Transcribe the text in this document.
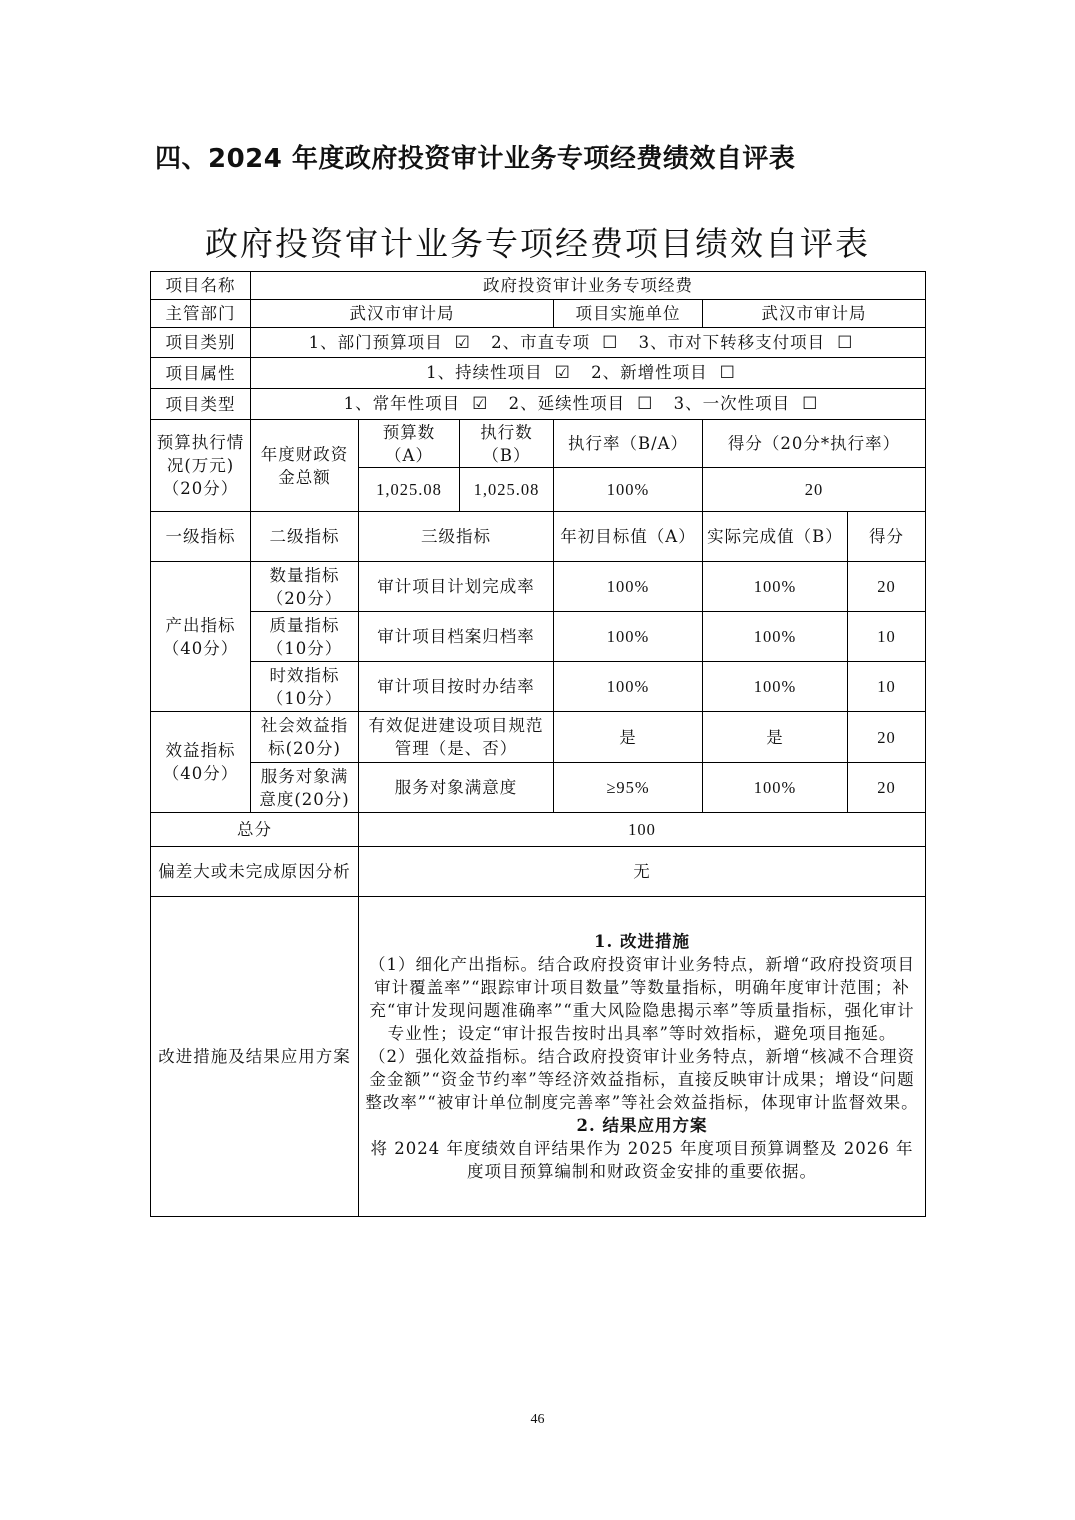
四、2024 年度政府投资审计业务专项经费绩效自评表
政府投资审计业务专项经费项目绩效自评表
项目名称	政府投资审计业务专项经费					
主管部门	武汉市审计局			项目实施单位	武汉市审计局	
项目类别	1、部门预算项目 ☑ 2、市直专项 ☐ 3、市对下转移支付项目 ☐					
项目属性	1、持续性项目 ☑ 2、新增性项目 ☐					
项目类型	1、常年性项目 ☑ 2、延续性项目 ☐ 3、一次性项目 ☐					
预算执行情况(万元)（20分）	年度财政资金总额	预算数（A）	执行数（B）	执行率（B/A）	得分（20分*执行率）	
		1,025.08	1,025.08	100%	20	
一级指标	二级指标	三级指标		年初目标值（A）	实际完成值（B）	得分
产出指标（40分）	数量指标（20分）	审计项目计划完成率		100%	100%	20
	质量指标（10分）	审计项目档案归档率		100%	100%	10
	时效指标（10分）	审计项目按时办结率		100%	100%	10
效益指标（40分）	社会效益指标(20分)	有效促进建设项目规范管理（是、否）		是	是	20
	服务对象满意度(20分)	服务对象满意度		≥95%	100%	20
总分		100				
偏差大或未完成原因分析		无				
改进措施及结果应用方案		1. 改进措施
（1）细化产出指标。结合政府投资审计业务特点，新增“政府投资项目审计覆盖率”“跟踪审计项目数量”等数量指标，明确年度审计范围；补充“审计发现问题准确率”“重大风险隐患揭示率”等质量指标，强化审计专业性；设定“审计报告按时出具率”等时效指标，避免项目拖延。
（2）强化效益指标。结合政府投资审计业务特点，新增“核减不合理资金金额”“资金节约率”等经济效益指标，直接反映审计成果；增设“问题整改率”“被审计单位制度完善率”等社会效益指标，体现审计监督效果。
2. 结果应用方案
将 2024 年度绩效自评结果作为 2025 年度项目预算调整及 2026 年度项目预算编制和财政资金安排的重要依据。				
46
